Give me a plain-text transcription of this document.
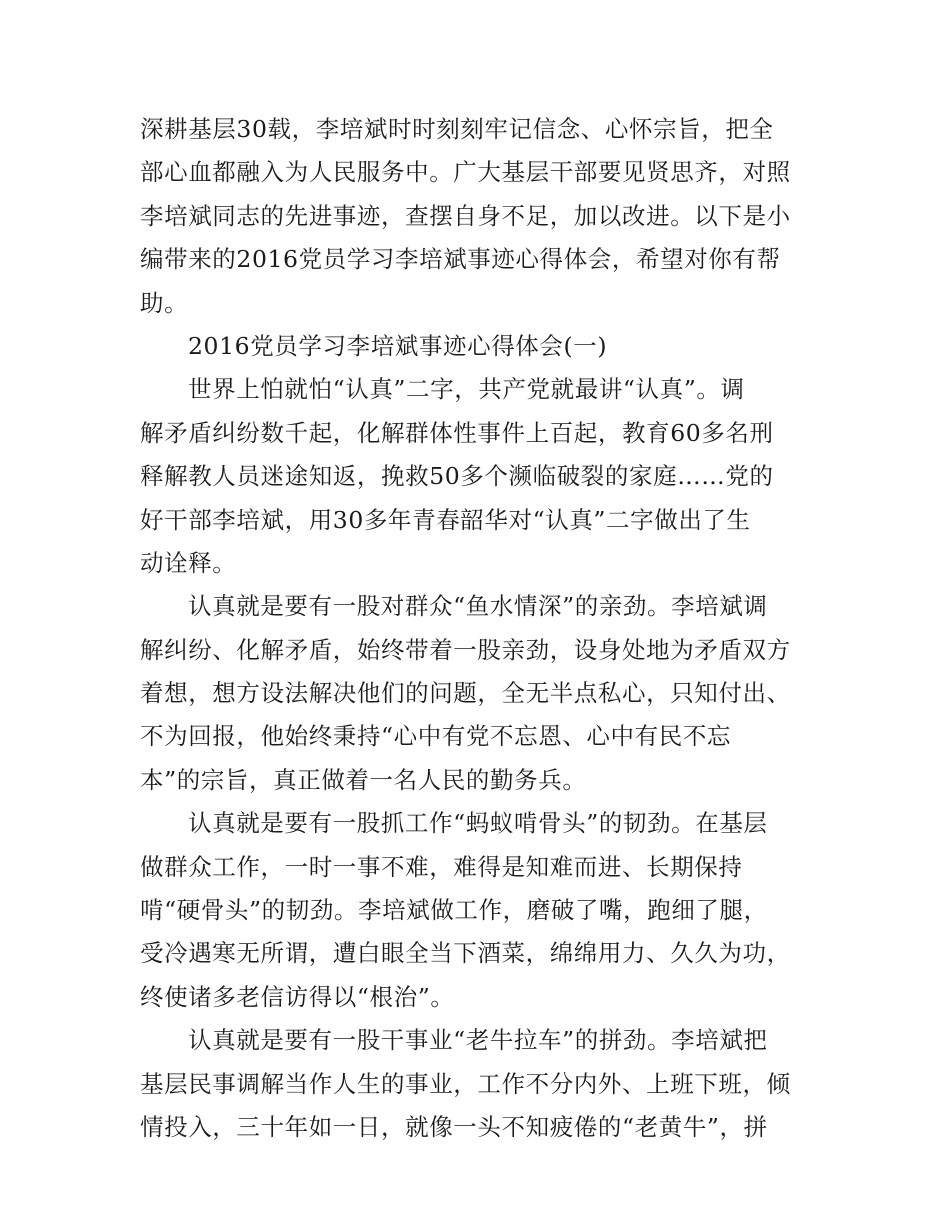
深耕基层30载，李培斌时时刻刻牢记信念、心怀宗旨，把全
部心血都融入为人民服务中。广大基层干部要见贤思齐，对照
李培斌同志的先进事迹，查摆自身不足，加以改进。以下是小
编带来的2016党员学习李培斌事迹心得体会，希望对你有帮
助。
2016党员学习李培斌事迹心得体会(一)
世界上怕就怕“认真”二字，共产党就最讲“认真”。调
解矛盾纠纷数千起，化解群体性事件上百起，教育60多名刑
释解教人员迷途知返，挽救50多个濒临破裂的家庭……党的
好干部李培斌，用30多年青春韶华对“认真”二字做出了生
动诠释。
认真就是要有一股对群众“鱼水情深”的亲劲。李培斌调
解纠纷、化解矛盾，始终带着一股亲劲，设身处地为矛盾双方
着想，想方设法解决他们的问题，全无半点私心，只知付出、
不为回报，他始终秉持“心中有党不忘恩、心中有民不忘
本”的宗旨，真正做着一名人民的勤务兵。
认真就是要有一股抓工作“蚂蚁啃骨头”的韧劲。在基层
做群众工作，一时一事不难，难得是知难而进、长期保持
啃“硬骨头”的韧劲。李培斌做工作，磨破了嘴，跑细了腿，
受冷遇寒无所谓，遭白眼全当下酒菜，绵绵用力、久久为功，
终使诸多老信访得以“根治”。
认真就是要有一股干事业“老牛拉车”的拼劲。李培斌把
基层民事调解当作人生的事业，工作不分内外、上班下班，倾
情投入，三十年如一日，就像一头不知疲倦的“老黄牛”，拼
